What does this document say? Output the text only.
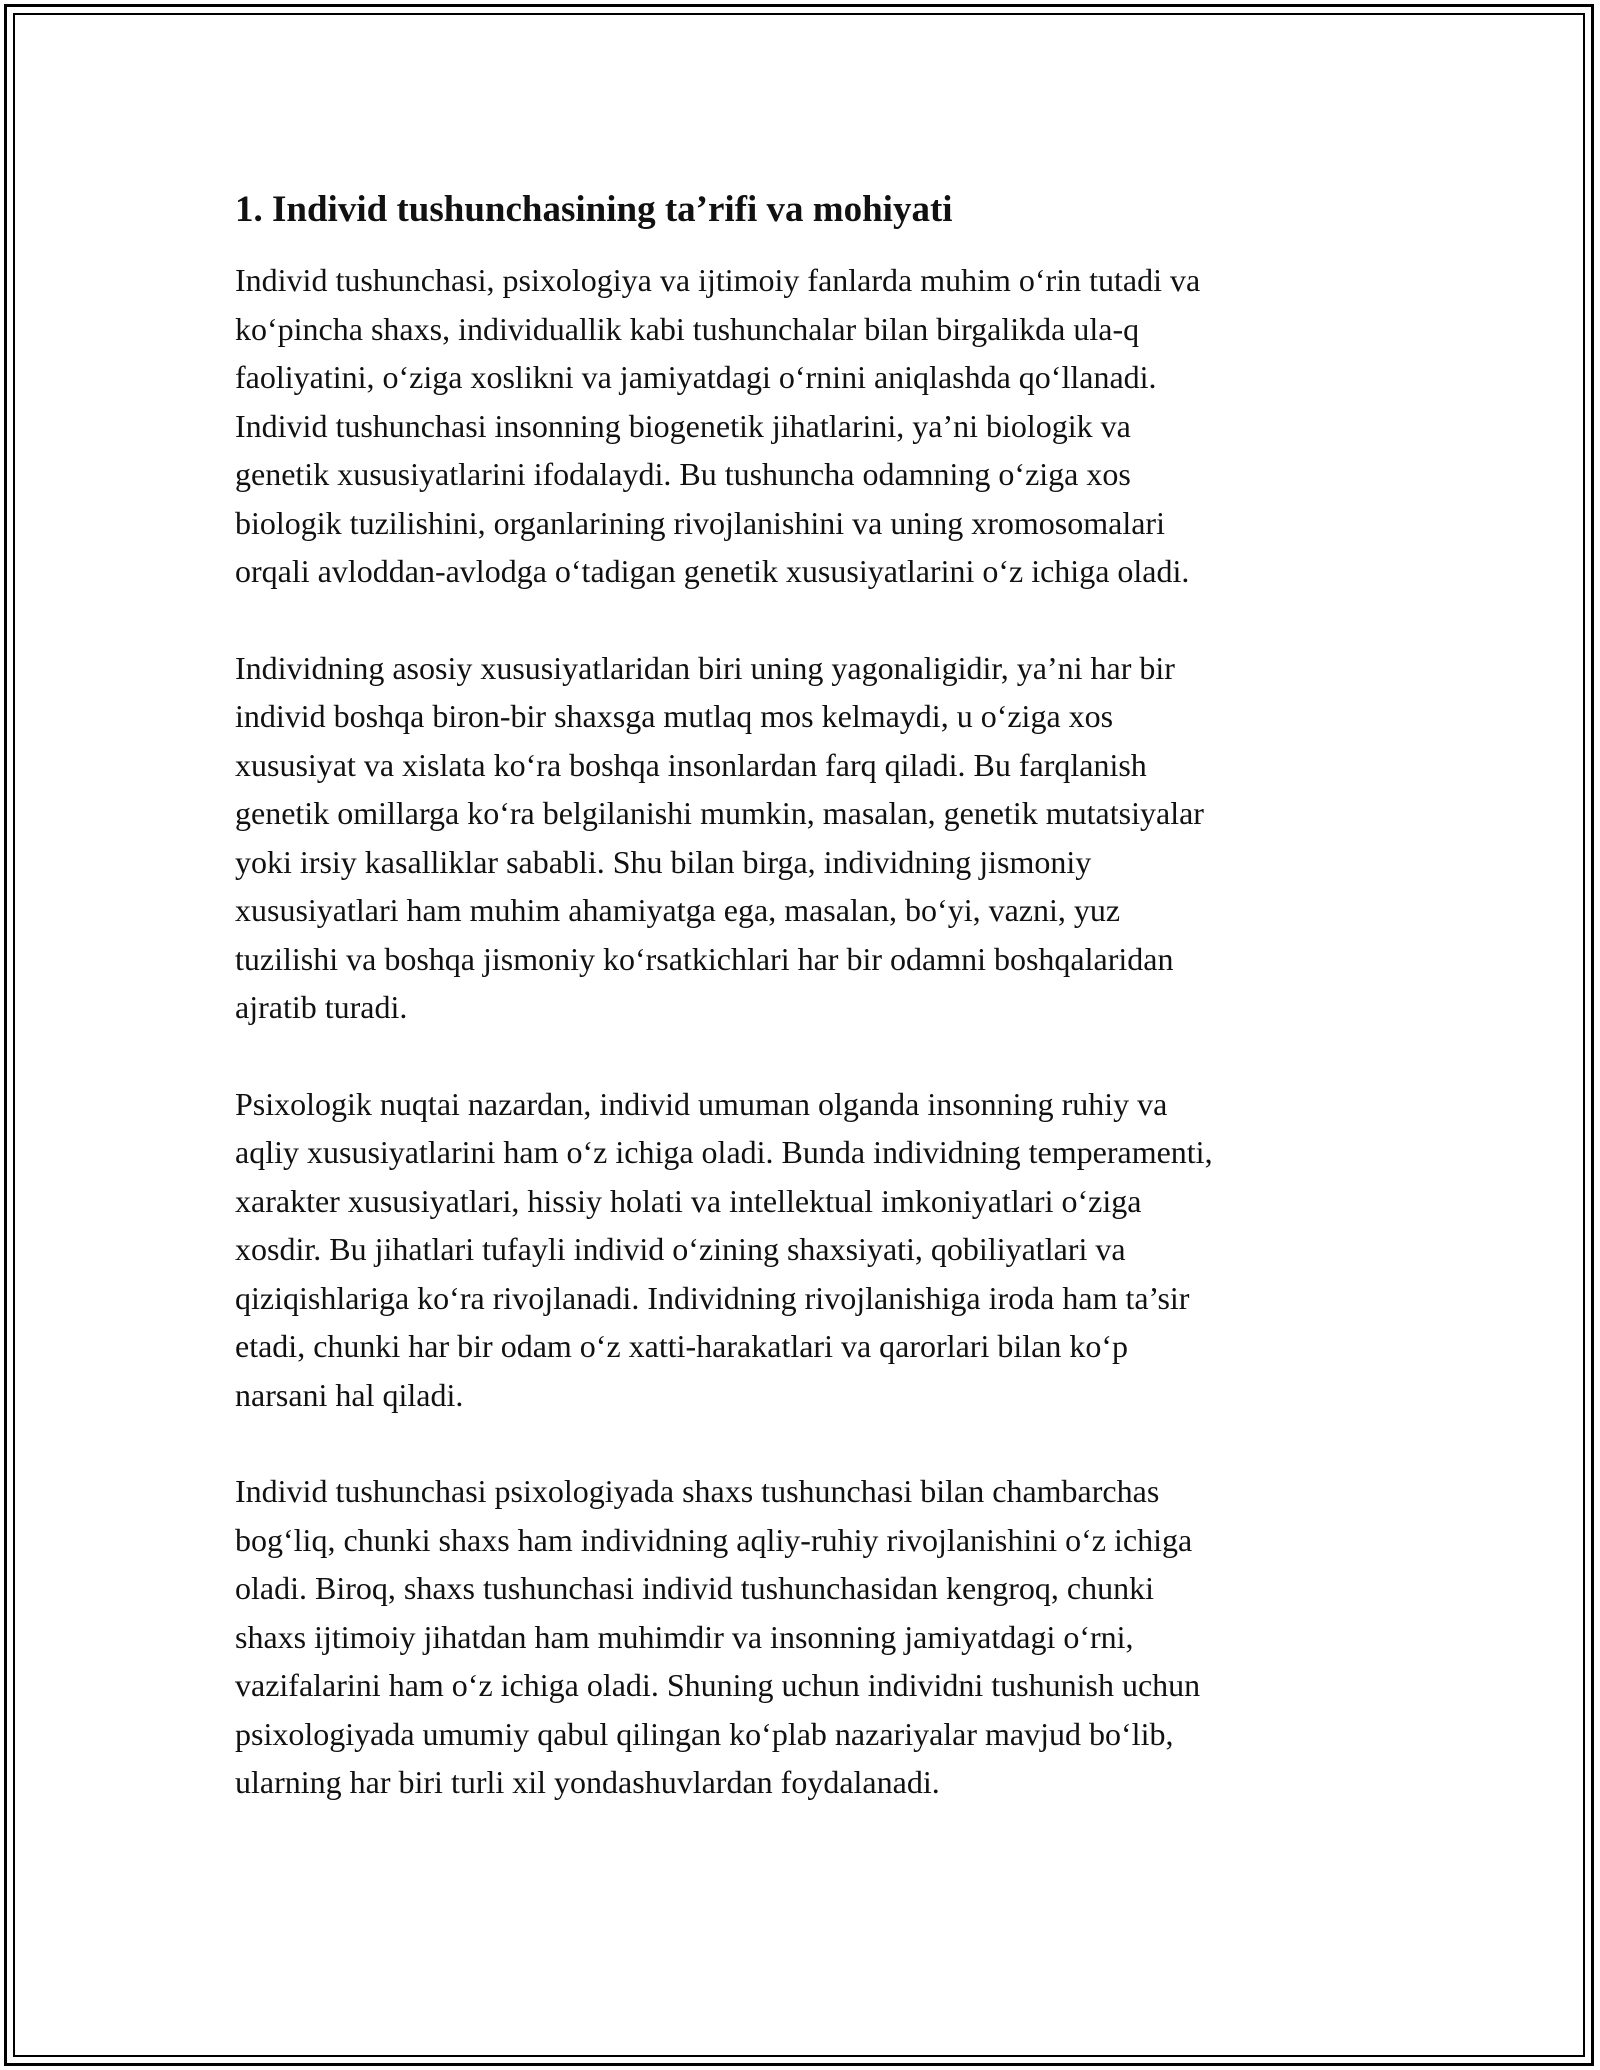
1. Individ tushunchasining ta’rifi va mohiyati

Individ tushunchasi, psixologiya va ijtimoiy fanlarda muhim o‘rin tutadi va
ko‘pincha shaxs, individuallik kabi tushunchalar bilan birgalikda ula-q
faoliyatini, o‘ziga xoslikni va jamiyatdagi o‘rnini aniqlashda qo‘llanadi.
Individ tushunchasi insonning biogenetik jihatlarini, ya’ni biologik va
genetik xususiyatlarini ifodalaydi. Bu tushuncha odamning o‘ziga xos
biologik tuzilishini, organlarining rivojlanishini va uning xromosomalari
orqali avloddan-avlodga o‘tadigan genetik xususiyatlarini o‘z ichiga oladi.

Individning asosiy xususiyatlaridan biri uning yagonaligidir, ya’ni har bir
individ boshqa biron-bir shaxsga mutlaq mos kelmaydi, u o‘ziga xos
xususiyat va xislata ko‘ra boshqa insonlardan farq qiladi. Bu farqlanish
genetik omillarga ko‘ra belgilanishi mumkin, masalan, genetik mutatsiyalar
yoki irsiy kasalliklar sababli. Shu bilan birga, individning jismoniy
xususiyatlari ham muhim ahamiyatga ega, masalan, bo‘yi, vazni, yuz
tuzilishi va boshqa jismoniy ko‘rsatkichlari har bir odamni boshqalaridan
ajratib turadi.

Psixologik nuqtai nazardan, individ umuman olganda insonning ruhiy va
aqliy xususiyatlarini ham o‘z ichiga oladi. Bunda individning temperamenti,
xarakter xususiyatlari, hissiy holati va intellektual imkoniyatlari o‘ziga
xosdir. Bu jihatlari tufayli individ o‘zining shaxsiyati, qobiliyatlari va
qiziqishlariga ko‘ra rivojlanadi. Individning rivojlanishiga iroda ham ta’sir
etadi, chunki har bir odam o‘z xatti-harakatlari va qarorlari bilan ko‘p
narsani hal qiladi.

Individ tushunchasi psixologiyada shaxs tushunchasi bilan chambarchas
bog‘liq, chunki shaxs ham individning aqliy-ruhiy rivojlanishini o‘z ichiga
oladi. Biroq, shaxs tushunchasi individ tushunchasidan kengroq, chunki
shaxs ijtimoiy jihatdan ham muhimdir va insonning jamiyatdagi o‘rni,
vazifalarini ham o‘z ichiga oladi. Shuning uchun individni tushunish uchun
psixologiyada umumiy qabul qilingan ko‘plab nazariyalar mavjud bo‘lib,
ularning har biri turli xil yondashuvlardan foydalanadi.
